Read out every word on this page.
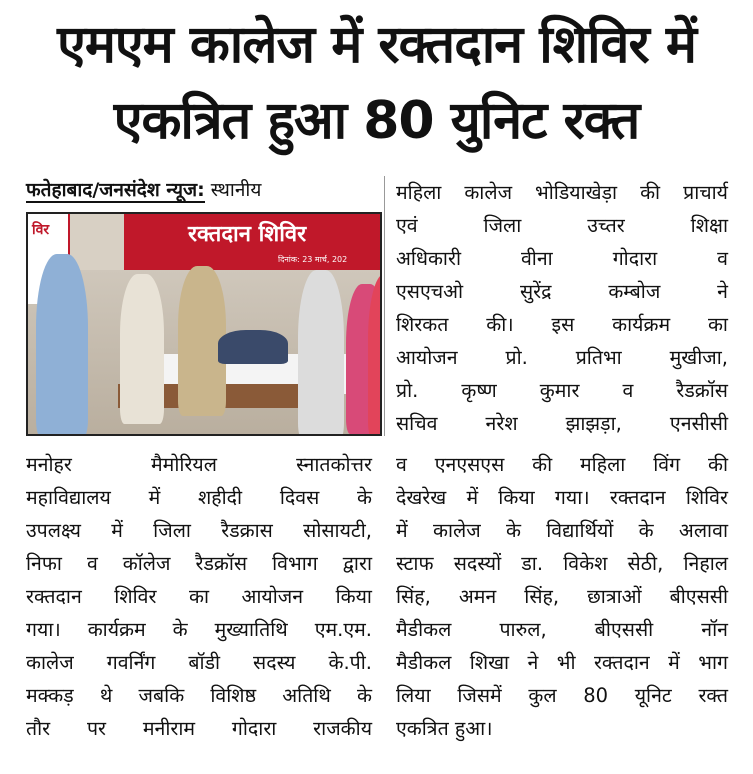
एमएम कालेज में रक्तदान शिविर में
एकत्रित हुआ 80 युनिट रक्त
फतेहाबाद/जनसंदेश न्यूज: स्थानीय
विर	रक्तदान शिविर
दिनांक: 23 मार्च, 202
महिला कालेज भोडियाखेड़ा की प्राचार्य
एवं जिला उच्तर शिक्षा
अधिकारी वीना गोदारा व
एसएचओ सुरेंद्र कम्बोज ने
शिरकत की। इस कार्यक्रम का
आयोजन प्रो. प्रतिभा मुखीजा,
प्रो. कृष्ण कुमार व रैडक्रॉस
सचिव नरेश झाझड़ा, एनसीसी
मनोहर मैमोरियल स्नातकोत्तर
महाविद्यालय में शहीदी दिवस के
उपलक्ष्य में जिला रैडक्रास सोसायटी,
निफा व कॉलेज रैडक्रॉस विभाग द्वारा
रक्तदान शिविर का आयोजन किया
गया। कार्यक्रम के मुख्यातिथि एम.एम.
कालेज गवर्निंग बॉडी सदस्य के.पी.
मक्कड़ थे जबकि विशिष्ठ अतिथि के
तौर पर मनीराम गोदारा राजकीय
व एनएसएस की महिला विंग की
देखरेख में किया गया। रक्तदान शिविर
में कालेज के विद्यार्थियों के अलावा
स्टाफ सदस्यों डा. विकेश सेठी, निहाल
सिंह, अमन सिंह, छात्राओं बीएससी
मैडीकल पारुल, बीएससी नॉन
मैडीकल शिखा ने भी रक्तदान में भाग
लिया जिसमें कुल 80 यूनिट रक्त
एकत्रित हुआ।
